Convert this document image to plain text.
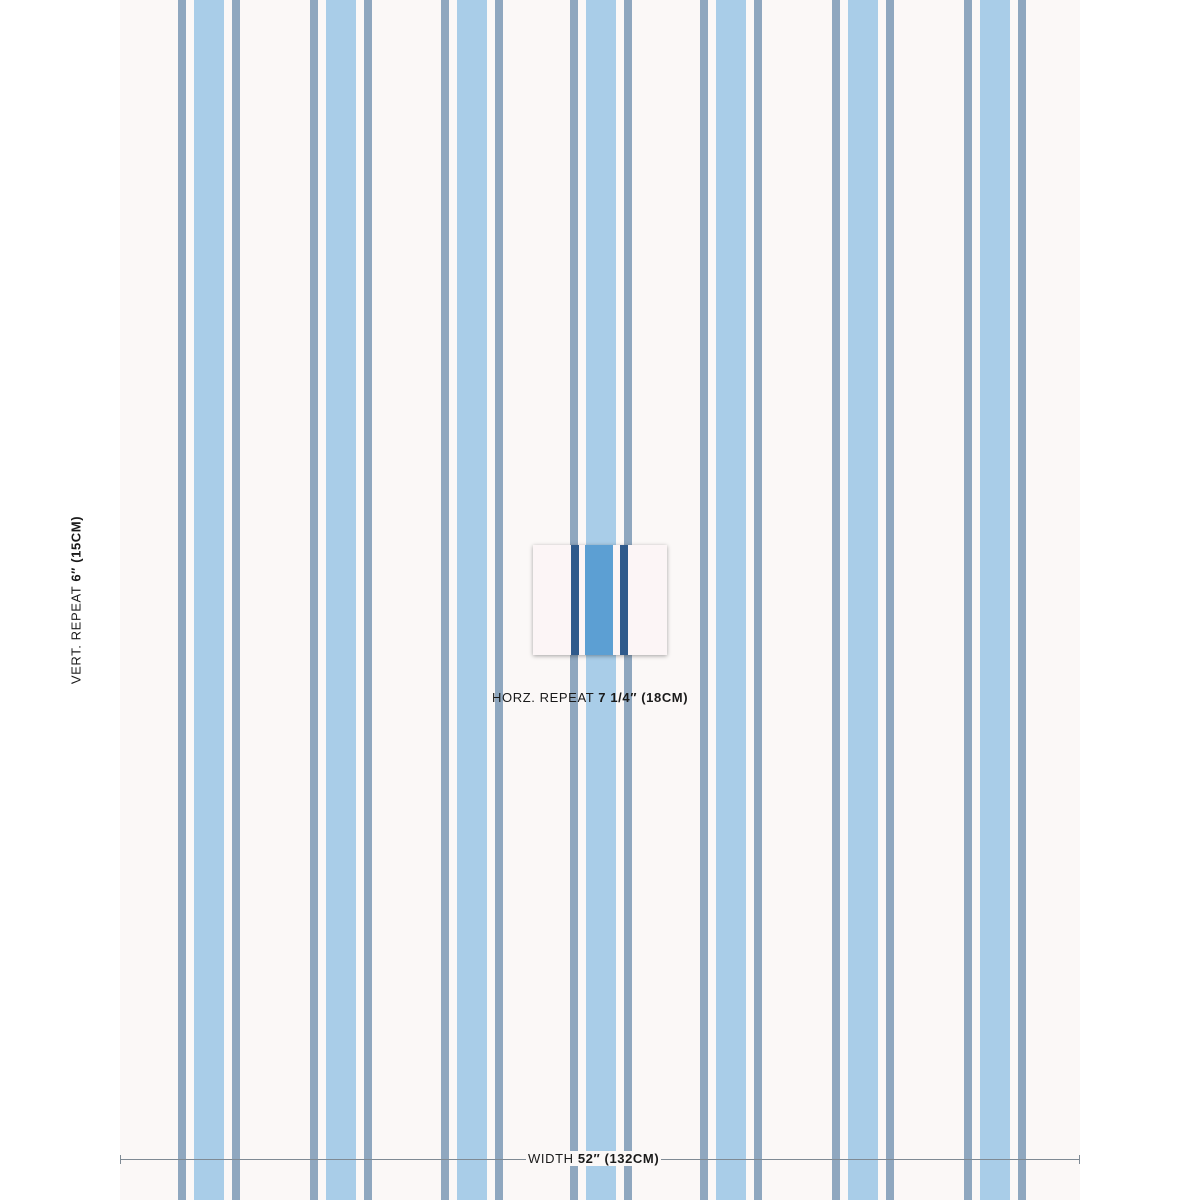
HORZ. REPEAT 7 1/4″ (18CM)
VERT. REPEAT 6″ (15CM)
WIDTH 52″ (132CM)
